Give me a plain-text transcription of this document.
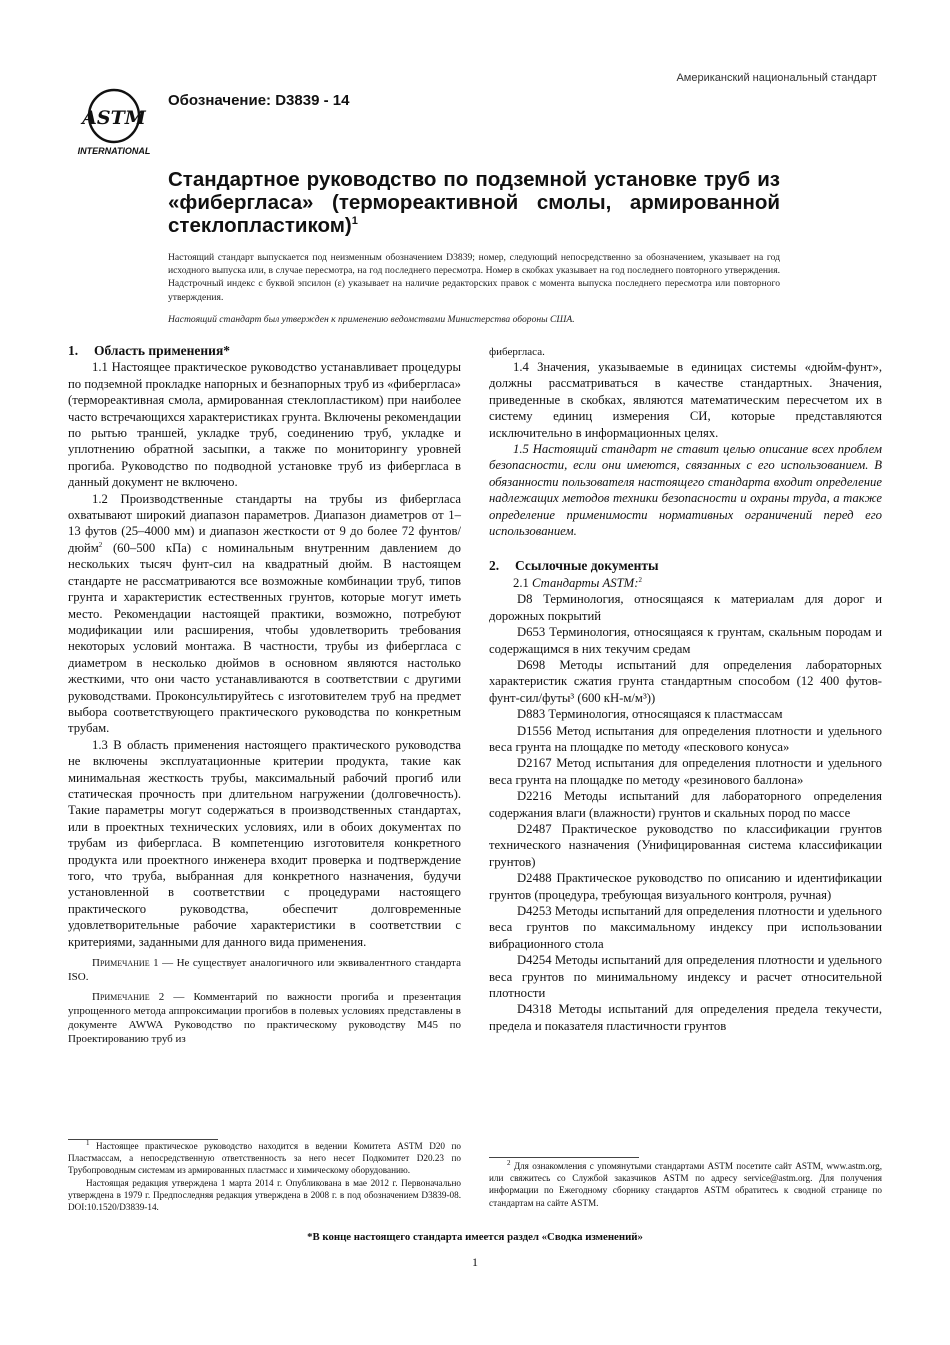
ASTM
INTERNATIONAL
Американский национальный стандарт
Обозначение: D3839 - 14
Стандартное руководство по подземной установке труб из «фибергласа» (термореактивной смолы, армированной стеклопластиком)$^1$

Настоящий стандарт выпускается под неизменным обозначением D3839; номер, следующий непосредственно за обозначением, указывает на год исходного выпуска или, в случае пересмотра, на год последнего пересмотра. Номер в скобках указывает на год последнего повторного утверждения. Надстрочный индекс с буквой эпсилон (ε) указывает на наличие редакторских правок с момента выпуска последнего пересмотра или повторного утверждения.

Настоящий стандарт был утвержден к применению ведомствами Министерства обороны США.

1. Область применения*

1.1 Настоящее практическое руководство устанавливает процедуры по подземной прокладке напорных и безнапорных труб из «фибергласа» (термореактивная смола, армированная стеклопластиком) при наиболее часто встречающихся характеристиках грунта. Включены рекомендации по рытью траншей, укладке труб, соединению труб, укладке и уплотнению обратной засыпки, а также по мониторингу уровней прогиба. Руководство по подводной установке труб из фибергласа в данный документ не включено.

1.2 Производственные стандарты на трубы из фибергласа охватывают широкий диапазон параметров. Диапазон диаметров от 1–13 футов (25–4000 мм) и диапазон жесткости от 9 до более 72 фунтов/дюйм$^2$ (60–500 кПа) с номинальным внутренним давлением до нескольких тысяч фунт-сил на квадратный дюйм. В настоящем стандарте не рассматриваются все возможные комбинации труб, типов грунта и характеристик естественных грунтов, которые могут иметь место. Рекомендации настоящей практики, возможно, потребуют модификации или расширения, чтобы удовлетворить требования некоторых условий монтажа. В частности, трубы из фибергласа с диаметром в несколько дюймов в основном являются настолько жесткими, что они часто устанавливаются в соответствии с другими руководствами. Проконсультируйтесь с изготовителем труб на предмет выбора соответствующего практического руководства по конкретным трубам.

1.3 В область применения настоящего практического руководства не включены эксплуатационные критерии продукта, такие как минимальная жесткость трубы, максимальный рабочий прогиб или статическая прочность при длительном нагружении (долговечность). Такие параметры могут содержаться в производственных стандартах, или в проектных технических условиях, или в обоих документах по трубам из фибергласа. В компетенцию изготовителя конкретного продукта или проектного инженера входит проверка и подтверждение того, что труба, выбранная для конкретного назначения, будучи установленной в соответствии с процедурами настоящего практического руководства, обеспечит долговременные удовлетворительные рабочие характеристики в соответствии с критериями, заданными для данного вида применения.

Примечание 1 — Не существует аналогичного или эквивалентного стандарта ISO.

Примечание 2 — Комментарий по важности прогиба и презентация упрощенного метода аппроксимации прогибов в полевых условиях представлены в документе AWWA Руководство по практическому руководству M45 по Проектированию труб из

фибергласа.

1.4 Значения, указываемые в единицах системы «дюйм-фунт», должны рассматриваться в качестве стандартных. Значения, приведенные в скобках, являются математическим пересчетом их в систему единиц измерения СИ, которые представляются исключительно в информационных целях.

1.5 Настоящий стандарт не ставит целью описание всех проблем безопасности, если они имеются, связанных с его использованием. В обязанности пользователя настоящего стандарта входит определение надлежащих методов техники безопасности и охраны труда, а также определение применимости нормативных ограничений перед его использованием.

2. Ссылочные документы

2.1 Стандарты ASTM:$^2$

D8 Терминология, относящаяся к материалам для дорог и дорожных покрытий

D653 Терминология, относящаяся к грунтам, скальным породам и содержащимся в них текучим средам

D698 Методы испытаний для определения лабораторных характеристик сжатия грунта стандартным способом (12 400 футов-фунт-сил/футы³ (600 кН-м/м³))

D883 Терминология, относящаяся к пластмассам

D1556 Метод испытания для определения плотности и удельного веса грунта на площадке по методу «пескового конуса»

D2167 Метод испытания для определения плотности и удельного веса грунта на площадке по методу «резинового баллона»

D2216 Методы испытаний для лабораторного определения содержания влаги (влажности) грунтов и скальных пород по массе

D2487 Практическое руководство по классификации грунтов технического назначения (Унифицированная система классификации грунтов)

D2488 Практическое руководство по описанию и идентификации грунтов (процедура, требующая визуального контроля, ручная)

D4253 Методы испытаний для определения плотности и удельного веса грунтов по максимальному индексу при использовании вибрационного стола

D4254 Методы испытаний для определения плотности и удельного веса грунтов по минимальному индексу и расчет относительной плотности

D4318 Методы испытаний для определения предела текучести, предела и показателя пластичности грунтов

$^1$ Настоящее практическое руководство находится в ведении Комитета ASTM D20 по Пластмассам, а непосредственную ответственность за него несет Подкомитет D20.23 по Трубопроводным системам из армированных пластмасс и химическому оборудованию.

Настоящая редакция утверждена 1 марта 2014 г. Опубликована в мае 2012 г. Первоначально утверждена в 1979 г. Предпоследняя редакция утверждена в 2008 г. в под обозначением D3839-08. DOI:10.1520/D3839-14.

$^2$ Для ознакомления с упомянутыми стандартами ASTM посетите сайт ASTM, www.astm.org, или свяжитесь со Службой заказчиков ASTM по адресу service@astm.org. Для получения информации по Ежегодному сборнику стандартов ASTM обратитесь к сводной странице по стандартам на сайте ASTM.

*В конце настоящего стандарта имеется раздел «Сводка изменений»
1
